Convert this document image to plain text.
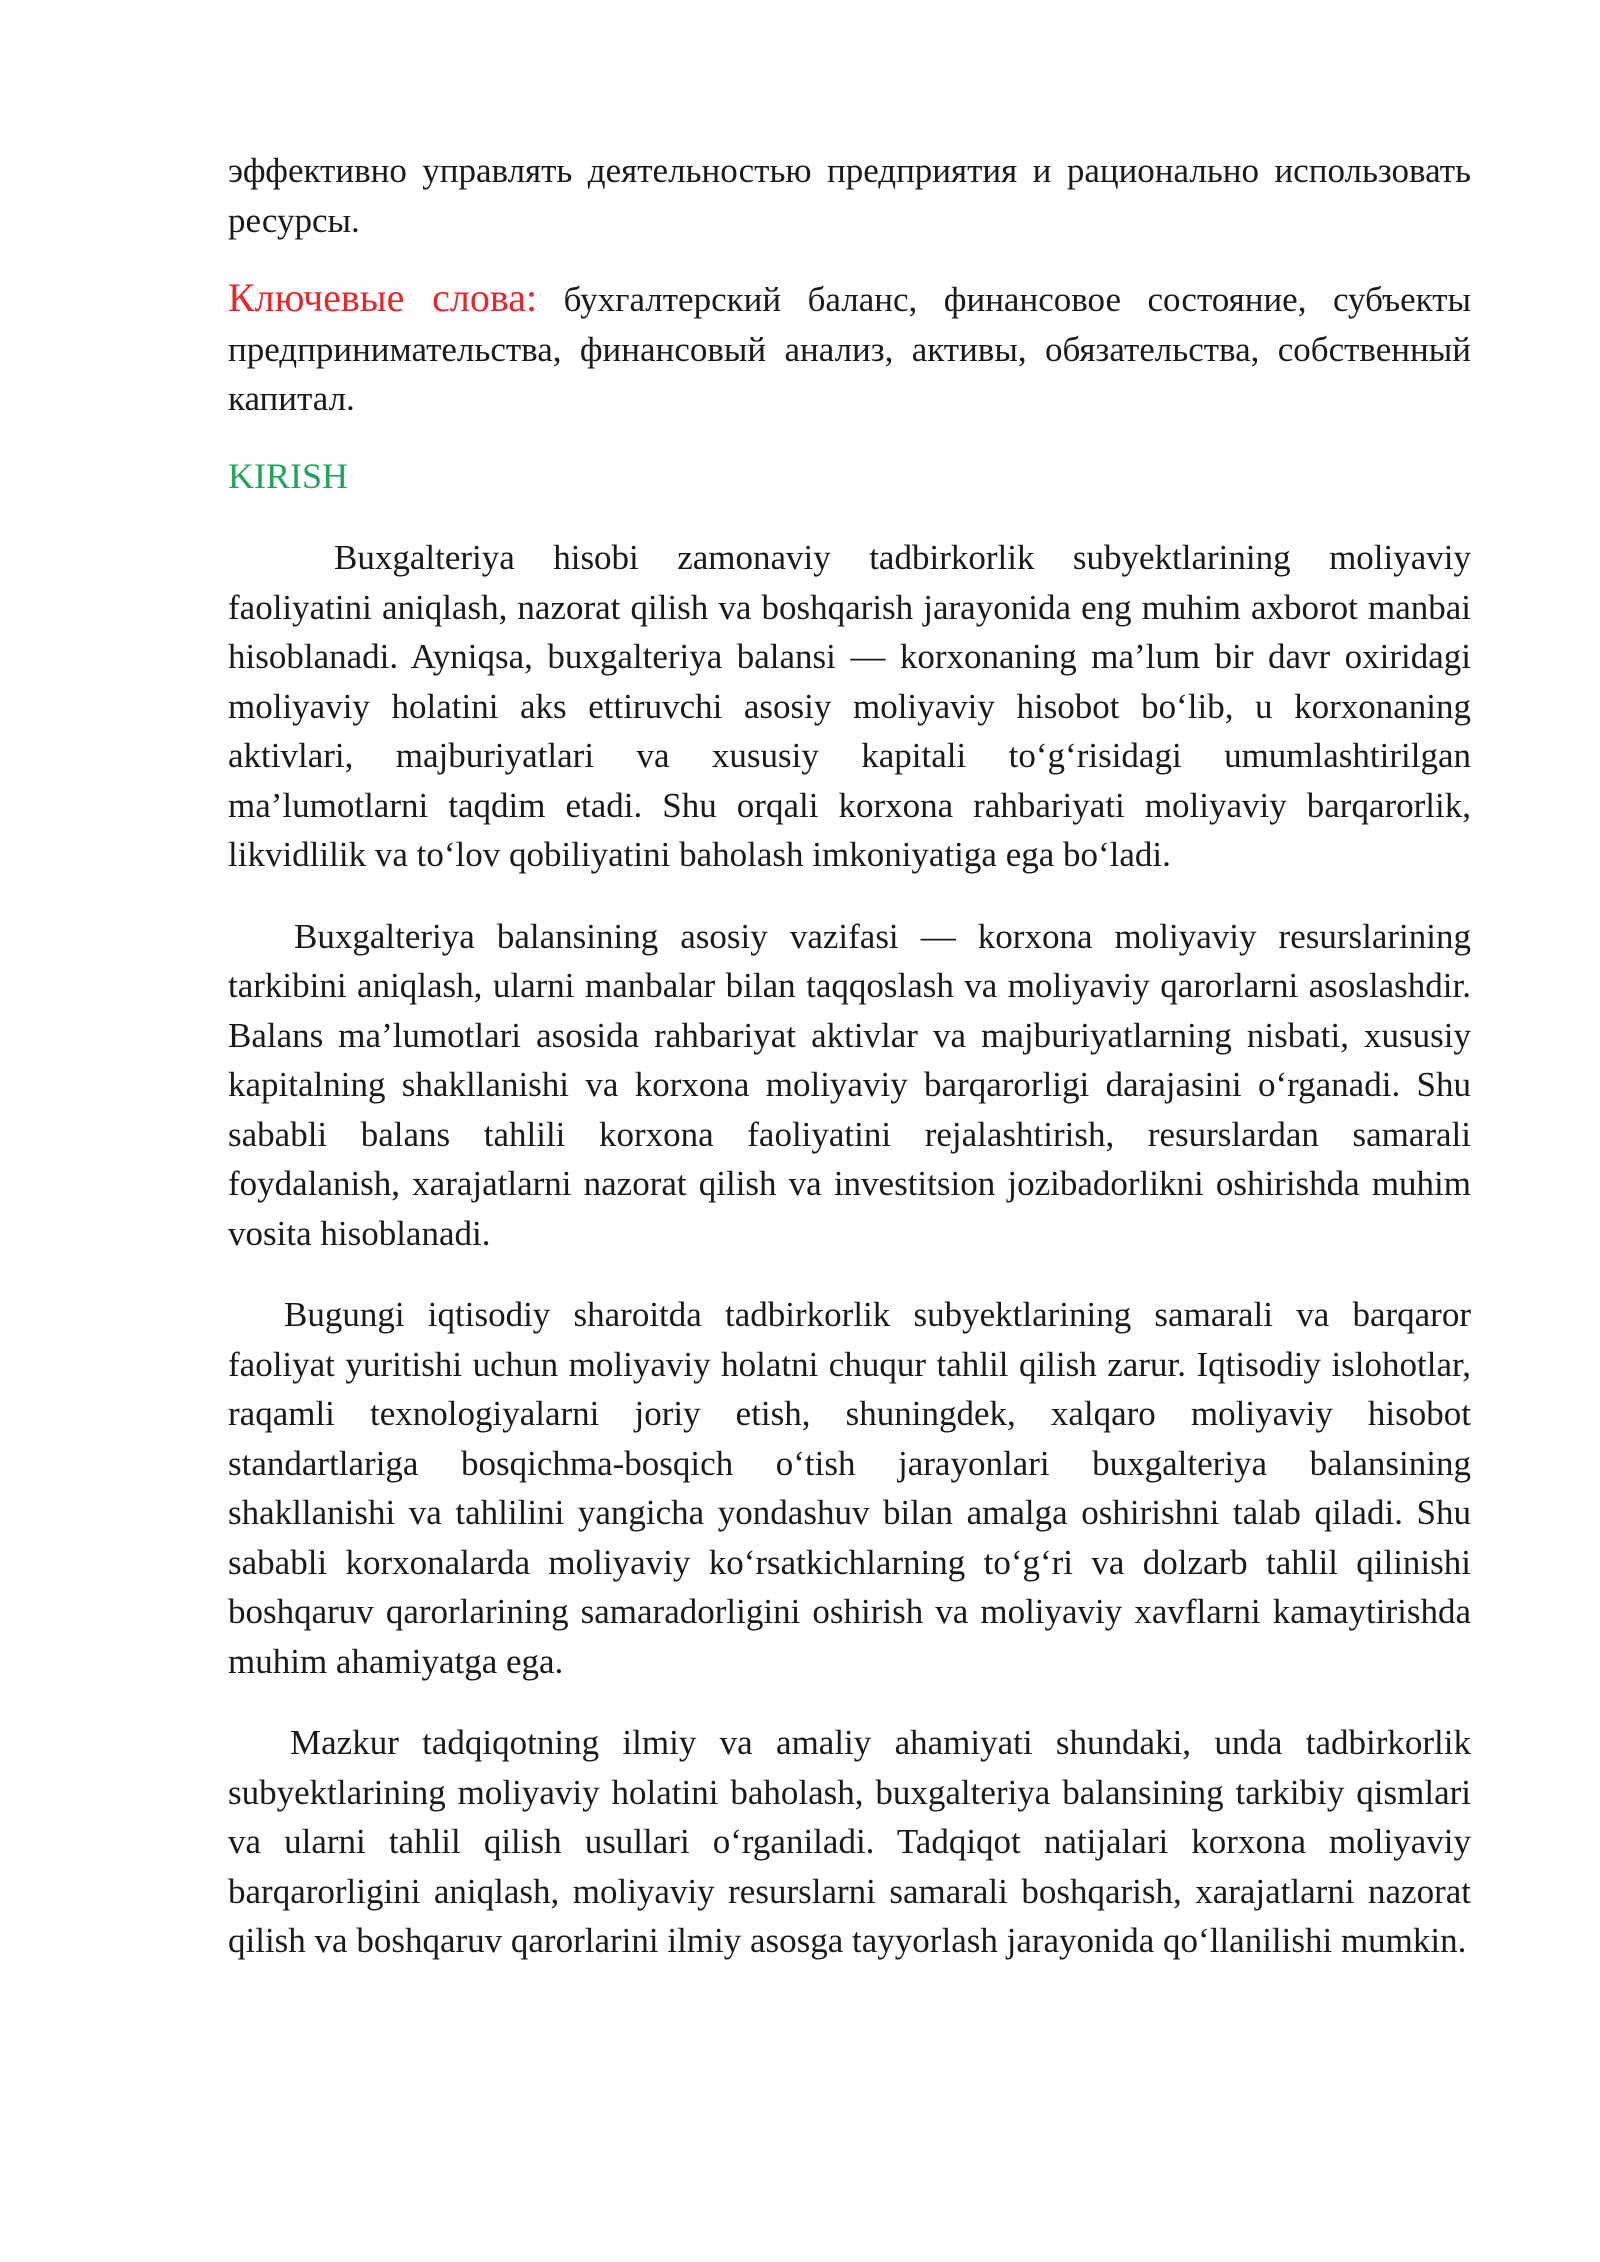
эффективно управлять деятельностью предприятия и рационально использовать ресурсы.

Ключевые слова: бухгалтерский баланс, финансовое состояние, субъекты предпринимательства, финансовый анализ, активы, обязательства, собственный капитал.

KIRISH

Buxgalteriya hisobi zamonaviy tadbirkorlik subyektlarining moliyaviy faoliyatini aniqlash, nazorat qilish va boshqarish jarayonida eng muhim axborot manbai hisoblanadi. Ayniqsa, buxgalteriya balansi — korxonaning ma’lum bir davr oxiridagi moliyaviy holatini aks ettiruvchi asosiy moliyaviy hisobot bo‘lib, u korxonaning aktivlari, majburiyatlari va xususiy kapitali to‘g‘risidagi umumlashtirilgan ma’lumotlarni taqdim etadi. Shu orqali korxona rahbariyati moliyaviy barqarorlik, likvidlilik va to‘lov qobiliyatini baholash imkoniyatiga ega bo‘ladi.

Buxgalteriya balansining asosiy vazifasi — korxona moliyaviy resurslarining tarkibini aniqlash, ularni manbalar bilan taqqoslash va moliyaviy qarorlarni asoslashdir. Balans ma’lumotlari asosida rahbariyat aktivlar va majburiyatlarning nisbati, xususiy kapitalning shakllanishi va korxona moliyaviy barqarorligi darajasini o‘rganadi. Shu sababli balans tahlili korxona faoliyatini rejalashtirish, resurslardan samarali foydalanish, xarajatlarni nazorat qilish va investitsion jozibadorlikni oshirishda muhim vosita hisoblanadi.

Bugungi iqtisodiy sharoitda tadbirkorlik subyektlarining samarali va barqaror faoliyat yuritishi uchun moliyaviy holatni chuqur tahlil qilish zarur. Iqtisodiy islohotlar, raqamli texnologiyalarni joriy etish, shuningdek, xalqaro moliyaviy hisobot standartlariga bosqichma-bosqich o‘tish jarayonlari buxgalteriya balansining shakllanishi va tahlilini yangicha yondashuv bilan amalga oshirishni talab qiladi. Shu sababli korxonalarda moliyaviy ko‘rsatkichlarning to‘g‘ri va dolzarb tahlil qilinishi boshqaruv qarorlarining samaradorligini oshirish va moliyaviy xavflarni kamaytirishda muhim ahamiyatga ega.

Mazkur tadqiqotning ilmiy va amaliy ahamiyati shundaki, unda tadbirkorlik subyektlarining moliyaviy holatini baholash, buxgalteriya balansining tarkibiy qismlari va ularni tahlil qilish usullari o‘rganiladi. Tadqiqot natijalari korxona moliyaviy barqarorligini aniqlash, moliyaviy resurslarni samarali boshqarish, xarajatlarni nazorat qilish va boshqaruv qarorlarini ilmiy asosga tayyorlash jarayonida qo‘llanilishi mumkin.
